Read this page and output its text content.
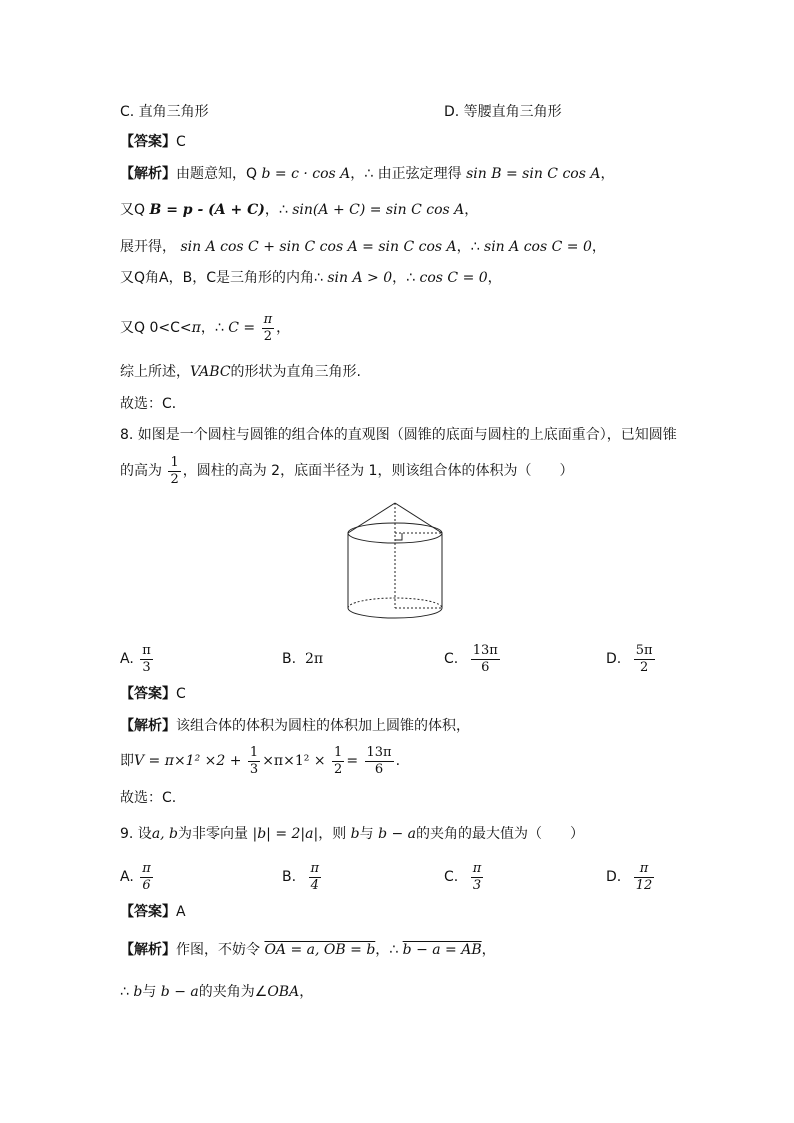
C. 直角三角形	D. 等腰直角三角形
【答案】C
【解析】由题意知，Q b = c · cos A，∴ 由正弦定理得 sin B = sin C cos A，
又Q B = p - (A + C)，∴ sin(A + C) = sin C cos A，
展开得， sin A cos C + sin C cos A = sin C cos A，∴ sin A cos C = 0，
又Q角A，B，C是三角形的内角∴ sin A > 0，∴ cos C = 0，
又Q 0<C<π，∴ $C = \frac{\pi}{2}$ ，
综上所述，VABC的形状为直角三角形.
故选：C．
8. 如图是一个圆柱与圆锥的组合体的直观图（圆锥的底面与圆柱的上底面重合），已知圆锥
的高为 $\frac{1}{2}$ ，圆柱的高为 2，底面半径为 1，则该组合体的体积为（　　）
A. $\frac{\pi}{3}$	B. 2π	C. $\frac{13\pi}{6}$	D. $\frac{5\pi}{2}$
【答案】C
【解析】该组合体的体积为圆柱的体积加上圆锥的体积，
即$V = \pi\times 1^2 \times 2 + \frac{1}{3} \times\pi\times 1^2 \times \frac{1}{2} = \frac{13\pi}{6}$ .
故选：C.
9. 设a, b为非零向量 |b| = 2|a|，则 b与 b − a的夹角的最大值为（　　）
A. $\frac{\pi}{6}$	B. $\frac{\pi}{4}$	C. $\frac{\pi}{3}$	D. $\frac{\pi}{12}$
【答案】A
【解析】作图，不妨令 OA = a, OB = b，∴ b − a = AB，
∴ b与 b − a的夹角为∠OBA，
